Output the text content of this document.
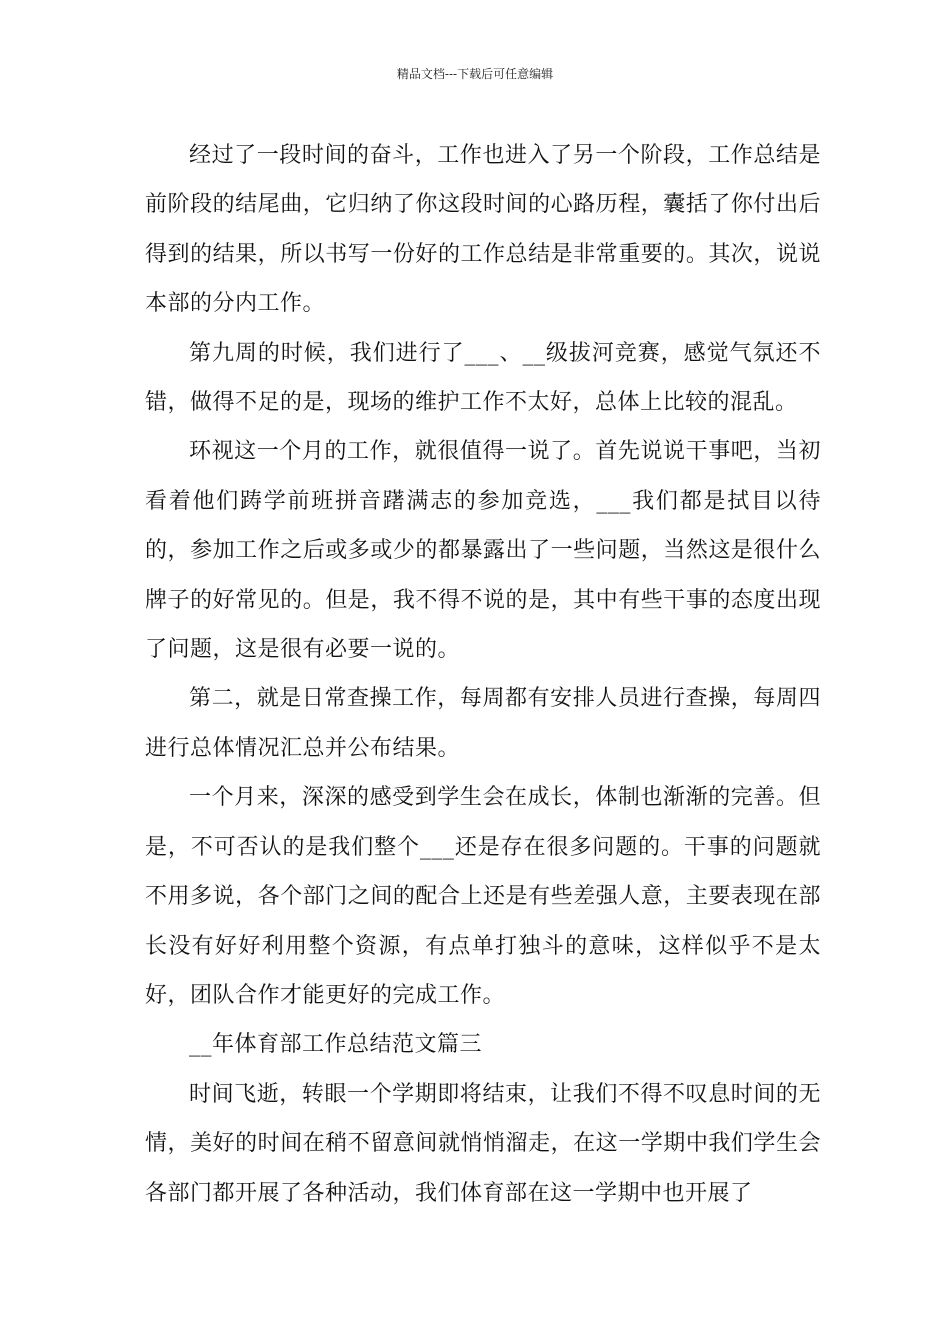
精品文档---下载后可任意编辑

经过了一段时间的奋斗，工作也进入了另一个阶段，工作总结是前阶段的结尾曲，它归纳了你这段时间的心路历程，囊括了你付出后得到的结果，所以书写一份好的工作总结是非常重要的。其次，说说本部的分内工作。

第九周的时候，我们进行了___、__级拔河竞赛，感觉气氛还不错，做得不足的是，现场的维护工作不太好，总体上比较的混乱。

环视这一个月的工作，就很值得一说了。首先说说干事吧，当初看着他们踌学前班拼音躇满志的参加竞选，___我们都是拭目以待的，参加工作之后或多或少的都暴露出了一些问题，当然这是很什么牌子的好常见的。但是，我不得不说的是，其中有些干事的态度出现了问题，这是很有必要一说的。

第二，就是日常查操工作，每周都有安排人员进行查操，每周四进行总体情况汇总并公布结果。

一个月来，深深的感受到学生会在成长，体制也渐渐的完善。但是，不可否认的是我们整个___还是存在很多问题的。干事的问题就不用多说，各个部门之间的配合上还是有些差强人意，主要表现在部长没有好好利用整个资源，有点单打独斗的意味，这样似乎不是太好，团队合作才能更好的完成工作。

__年体育部工作总结范文篇三

时间飞逝，转眼一个学期即将结束，让我们不得不叹息时间的无情，美好的时间在稍不留意间就悄悄溜走，在这一学期中我们学生会各部门都开展了各种活动，我们体育部在这一学期中也开展了
